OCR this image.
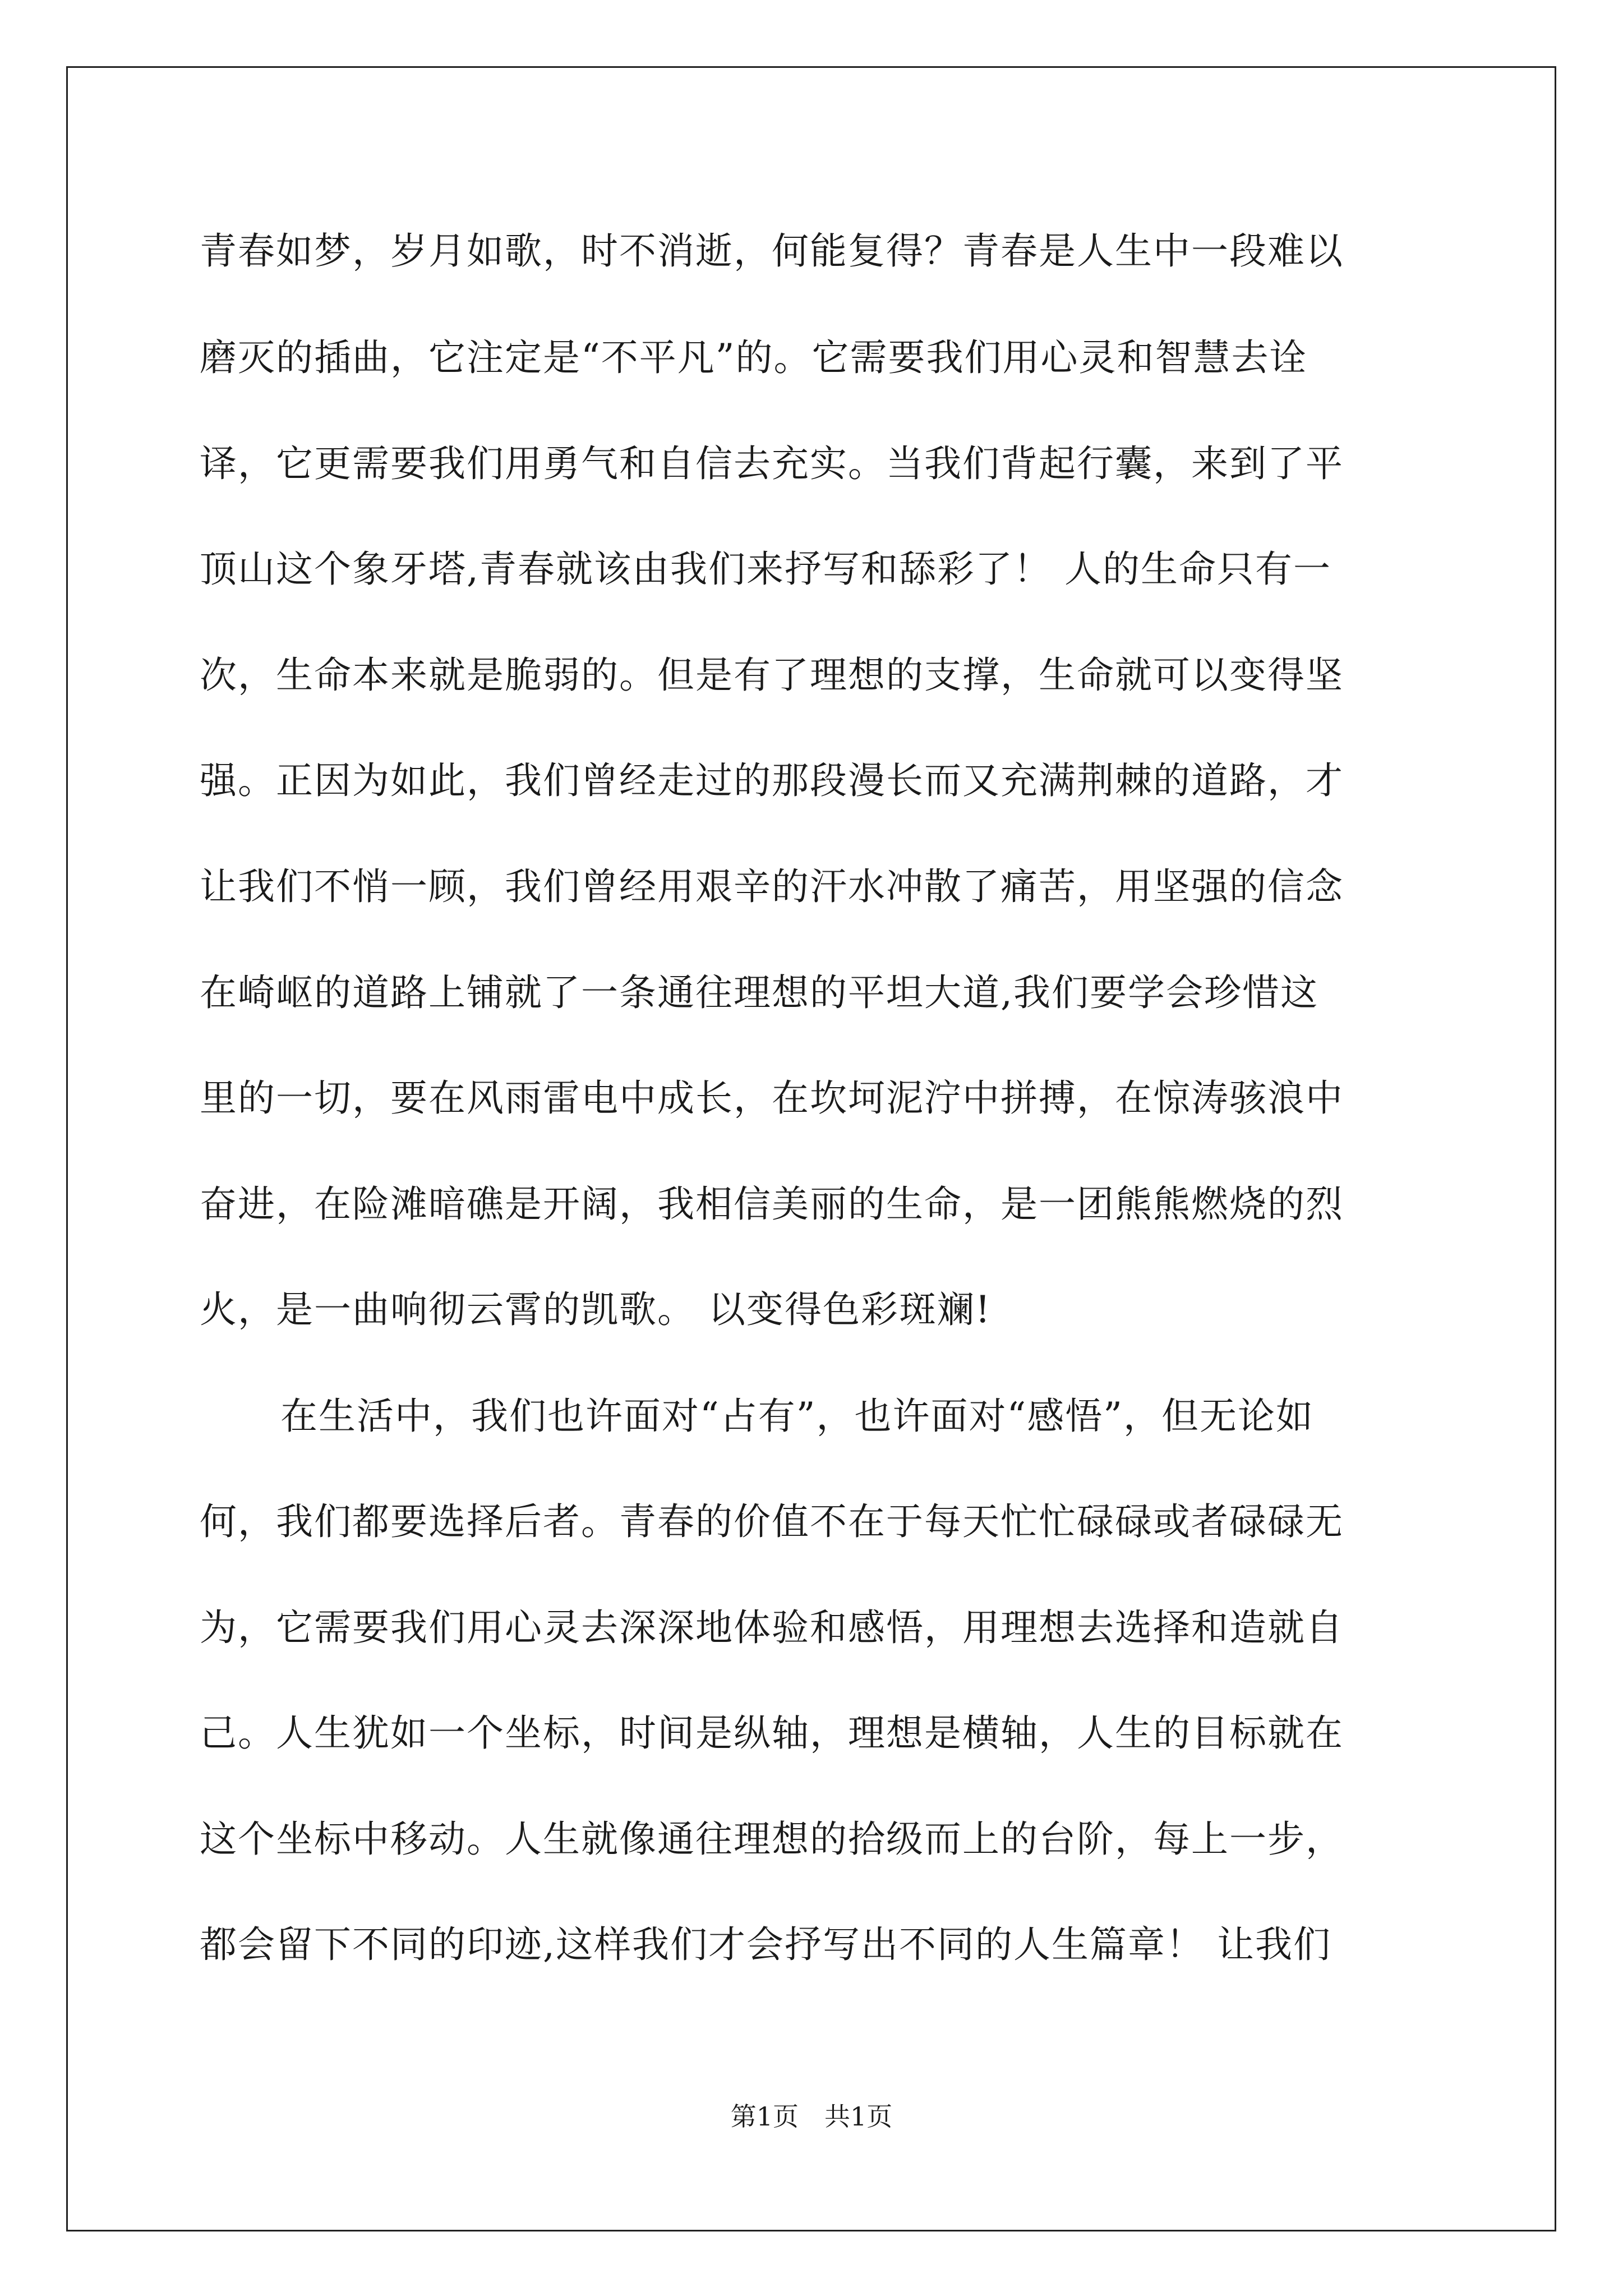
青春如梦，岁月如歌，时不消逝，何能复得？青春是人生中一段难以
磨灭的插曲，它注定是“不平凡”的。它需要我们用心灵和智慧去诠
译，它更需要我们用勇气和自信去充实。当我们背起行囊，来到了平
顶山这个象牙塔,青春就该由我们来抒写和舔彩了！ 人的生命只有一
次，生命本来就是脆弱的。但是有了理想的支撑，生命就可以变得坚
强。正因为如此，我们曾经走过的那段漫长而又充满荆棘的道路，才
让我们不悄一顾，我们曾经用艰辛的汗水冲散了痛苦，用坚强的信念
在崎岖的道路上铺就了一条通往理想的平坦大道,我们要学会珍惜这
里的一切，要在风雨雷电中成长，在坎坷泥泞中拼搏，在惊涛骇浪中
奋进，在险滩暗礁是开阔，我相信美丽的生命，是一团熊熊燃烧的烈
火，是一曲响彻云霄的凯歌。 以变得色彩斑斓!
在生活中，我们也许面对“占有”，也许面对“感悟”，但无论如
何，我们都要选择后者。青春的价值不在于每天忙忙碌碌或者碌碌无
为，它需要我们用心灵去深深地体验和感悟，用理想去选择和造就自
己。人生犹如一个坐标，时间是纵轴，理想是横轴，人生的目标就在
这个坐标中移动。人生就像通往理想的拾级而上的台阶，每上一步，
都会留下不同的印迹,这样我们才会抒写出不同的人生篇章！ 让我们
第1页　共1页
